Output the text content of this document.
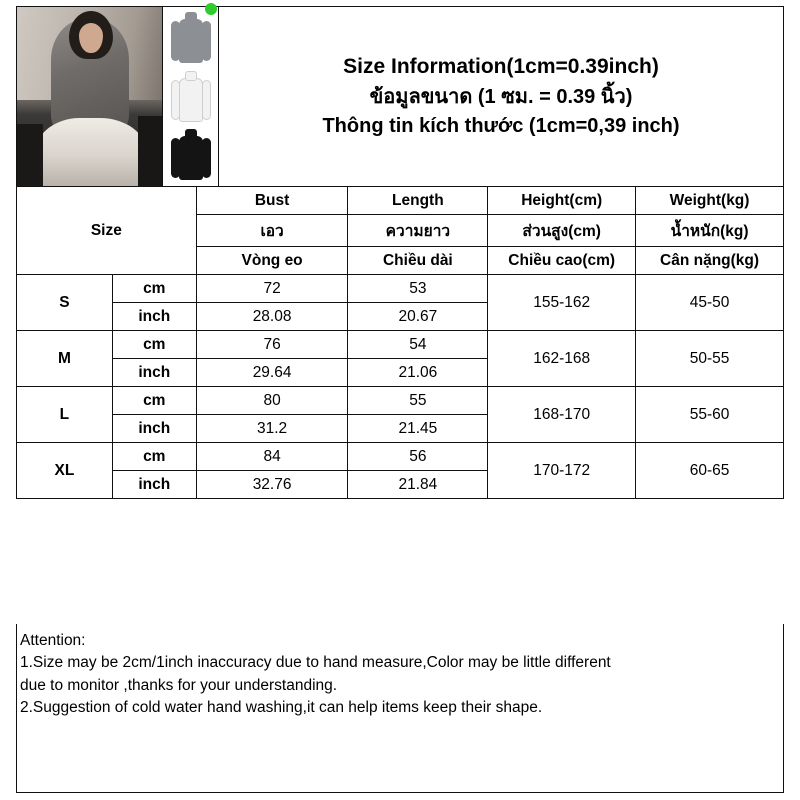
Size Information(1cm=0.39inch)
ข้อมูลขนาด (1 ซม. = 0.39 นิ้ว)
Thông tin kích thước (1cm=0,39 inch)
Size		Bust	Length	Height(cm)	Weight(kg)
		เอว	ความยาว	ส่วนสูง(cm)	น้ำหนัก(kg)
		Vòng eo	Chiều dài	Chiều cao(cm)	Cân nặng(kg)
S	cm	72	53	155-162	45-50
	inch	28.08	20.67		
M	cm	76	54	162-168	50-55
	inch	29.64	21.06		
L	cm	80	55	168-170	55-60
	inch	31.2	21.45		
XL	cm	84	56	170-172	60-65
	inch	32.76	21.84		

Attention:

1.Size may be 2cm/1inch inaccuracy due to hand measure,Color may be little different

due to monitor ,thanks for your understanding.

2.Suggestion of cold water hand washing,it can help items keep their shape.
